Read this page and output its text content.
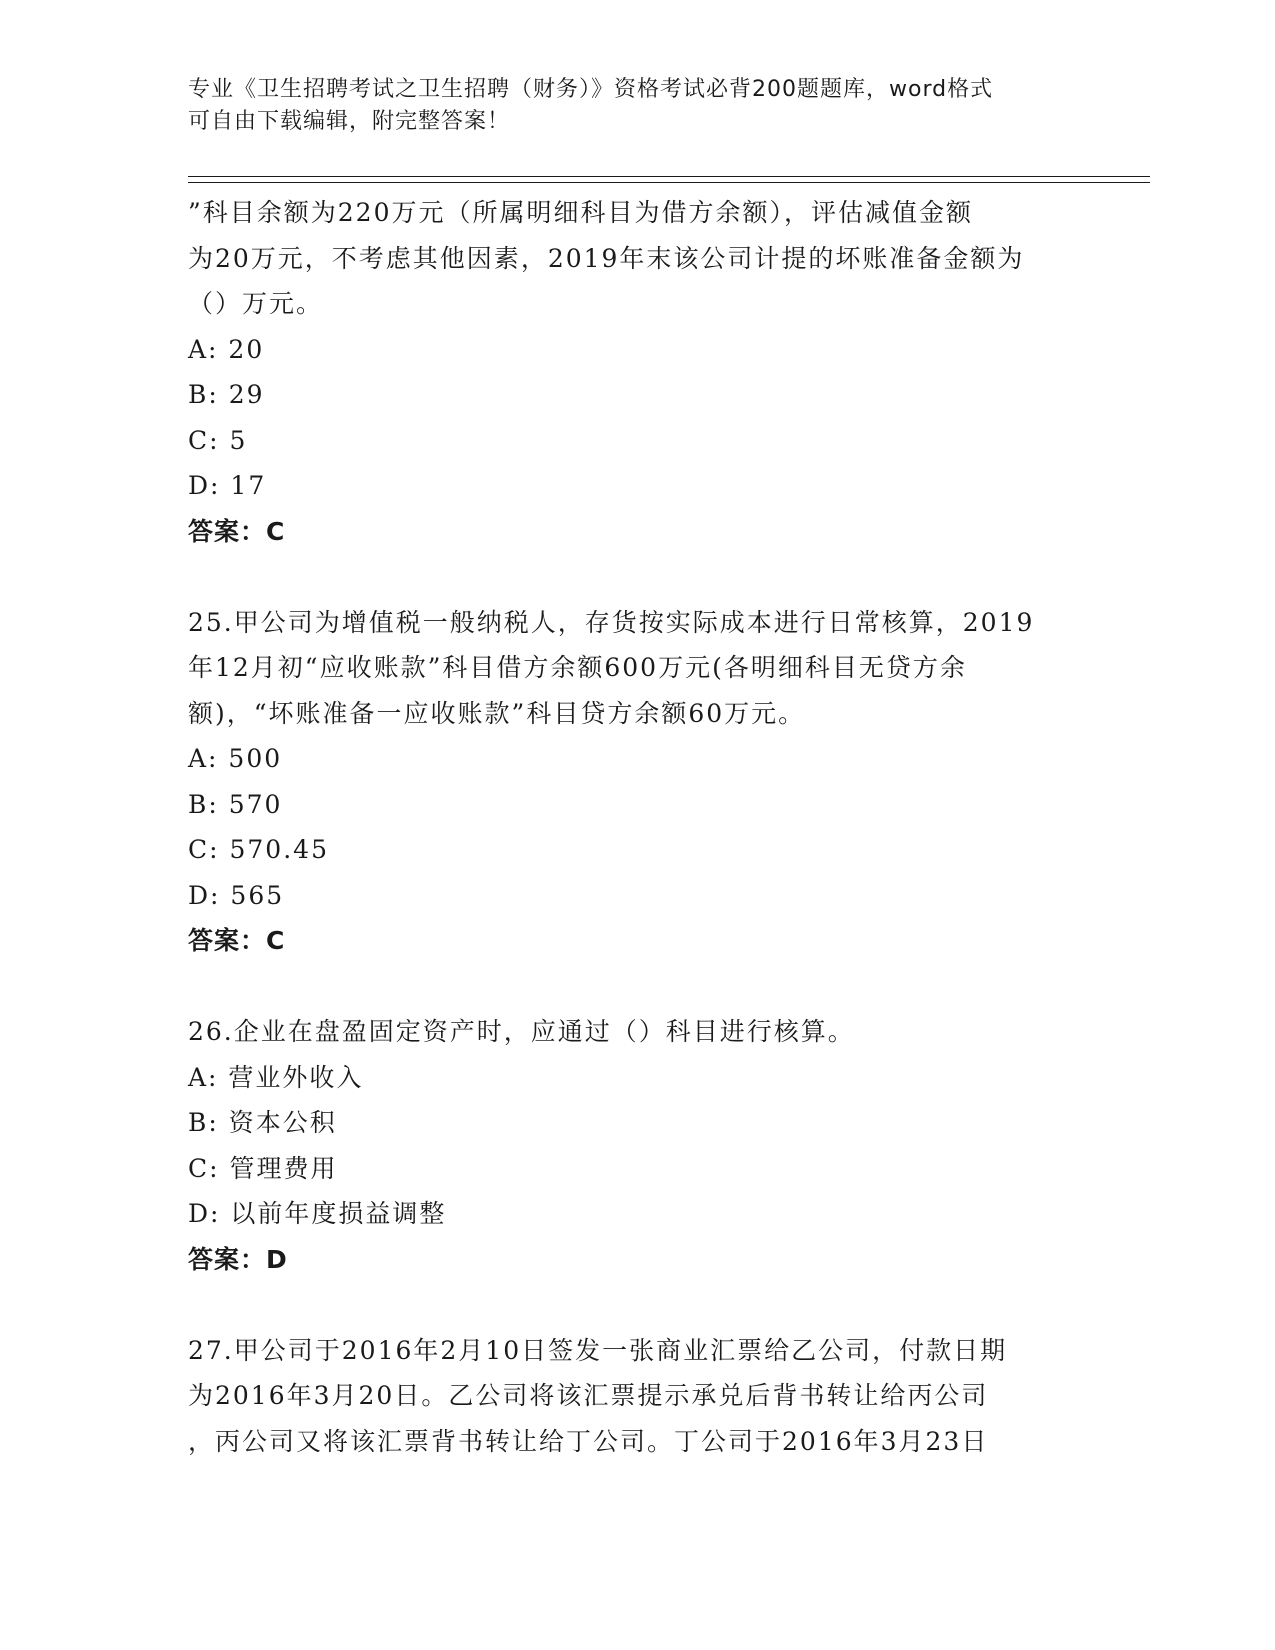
专业《卫生招聘考试之卫生招聘（财务）》资格考试必背200题题库，word格式
可自由下载编辑，附完整答案！
”科目余额为220万元（所属明细科目为借方余额），评估减值金额
为20万元，不考虑其他因素，2019年末该公司计提的坏账准备金额为
（）万元。
A: 20
B: 29
C: 5
D: 17
答案：C
25.甲公司为增值税一般纳税人，存货按实际成本进行日常核算，2019
年12月初“应收账款”科目借方余额600万元(各明细科目无贷方余
额)，“坏账准备一应收账款”科目贷方余额60万元。
A: 500
B: 570
C: 570.45
D: 565
答案：C
26.企业在盘盈固定资产时，应通过（）科目进行核算。
A: 营业外收入
B: 资本公积
C: 管理费用
D: 以前年度损益调整
答案：D
27.甲公司于2016年2月10日签发一张商业汇票给乙公司，付款日期
为2016年3月20日。乙公司将该汇票提示承兑后背书转让给丙公司
，丙公司又将该汇票背书转让给丁公司。丁公司于2016年3月23日
